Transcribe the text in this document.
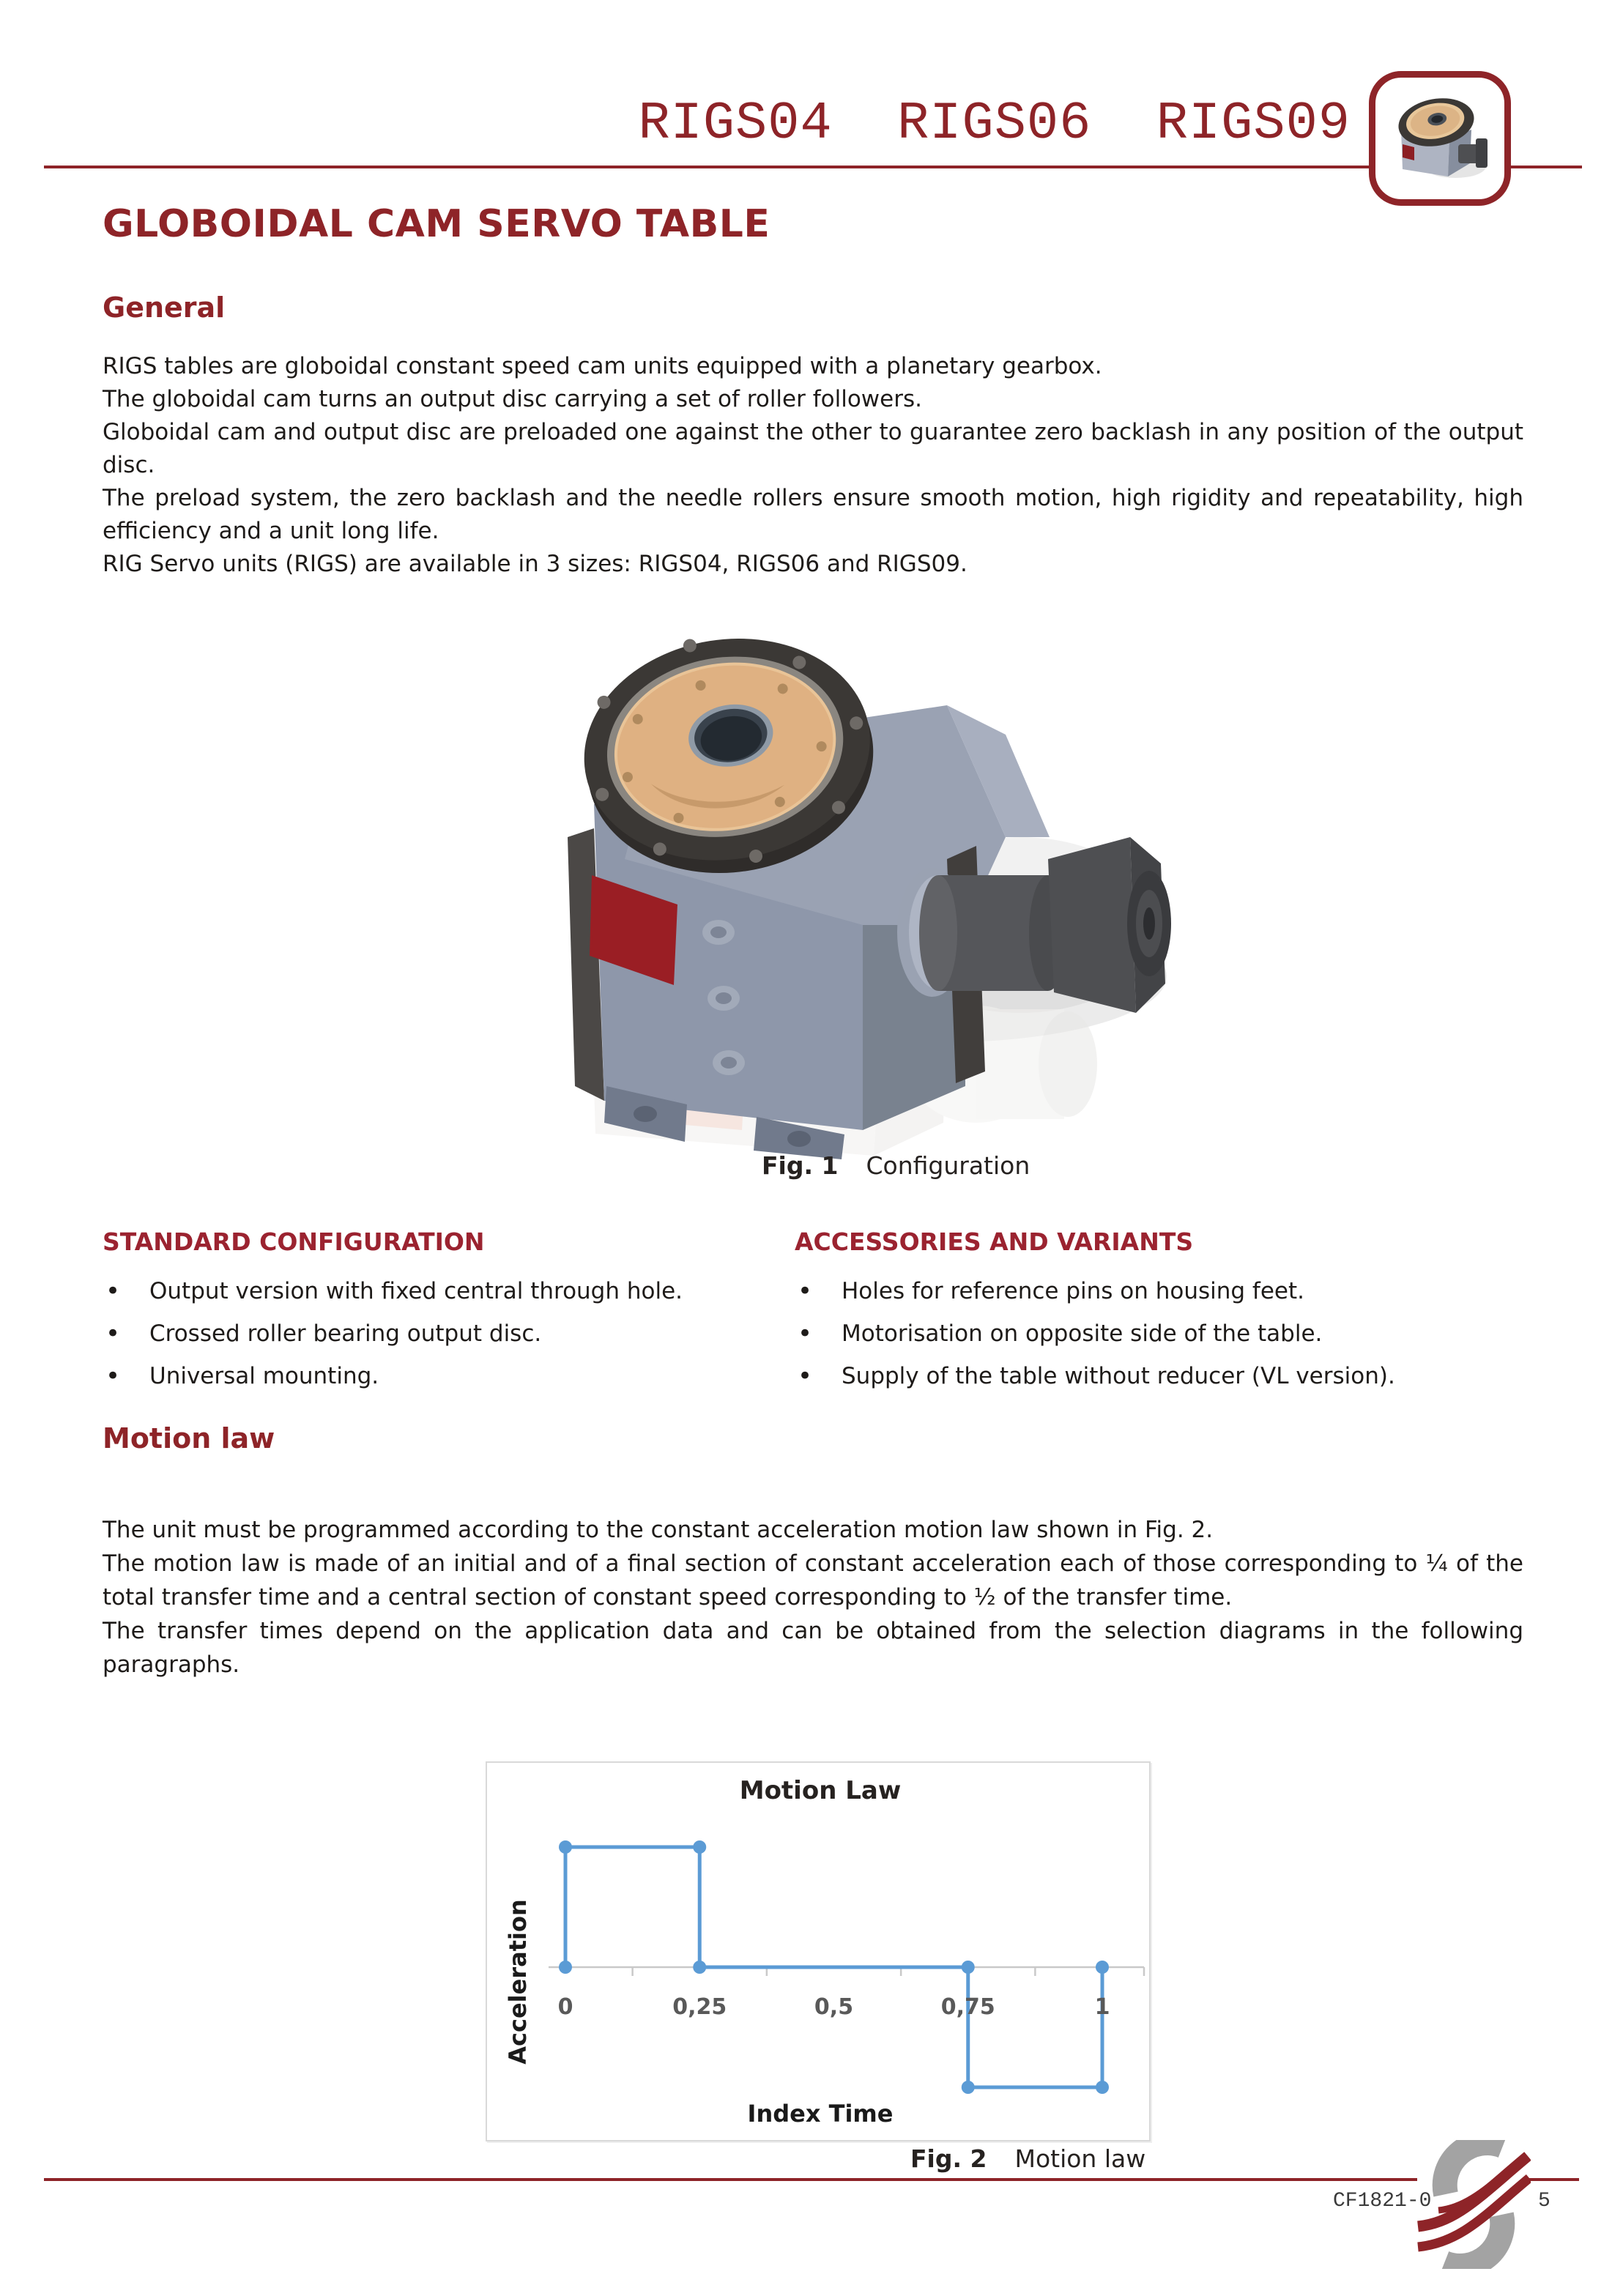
RIGS04  RIGS06  RIGS09
GLOBOIDAL CAM SERVO TABLE
General

RIGS tables are globoidal constant speed cam units equipped with a planetary gearbox.

The globoidal cam turns an output disc carrying a set of roller followers.

Globoidal cam and output disc are preloaded one against the other to guarantee zero backlash in any position of the output disc.

The preload system, the zero backlash and the needle rollers ensure smooth motion, high rigidity and repeatability, high efficiency and a unit long life.

RIG Servo units (RIGS) are available in 3 sizes: RIGS04, RIGS06 and RIGS09.

Fig. 1 Configuration
STANDARD CONFIGURATION
• Output version with fixed central through hole.
• Crossed roller bearing output disc.
• Universal mounting.
ACCESSORIES AND VARIANTS
• Holes for reference pins on housing feet.
• Motorisation on opposite side of the table.
• Supply of the table without reducer (VL version).
Motion law

The unit must be programmed according to the constant acceleration motion law shown in Fig. 2.

The motion law is made of an initial and of a final section of constant acceleration each of those corresponding to ¼ of the total transfer time and a central section of constant speed corresponding to ½ of the transfer time.

The transfer times depend on the application data and can be obtained from the selection diagrams in the following paragraphs.

Motion Law
0	0,25	0,5	0,75	1
Acceleration
Index Time
Fig. 2 Motion law
CF1821-0	5
